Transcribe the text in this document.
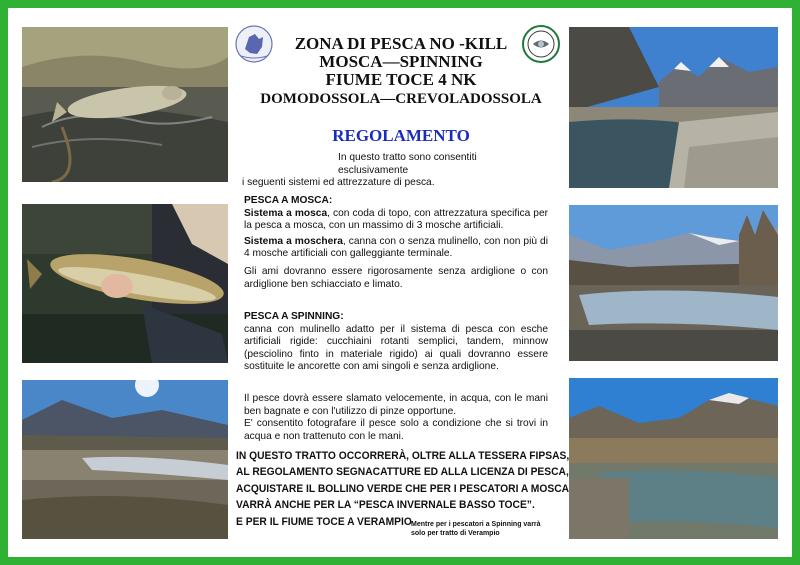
ZONA DI PESCA NO -KILL
MOSCA—SPINNING
FIUME TOCE 4 NK
DOMODOSSOLA—CREVOLADOSSOLA
REGOLAMENTO

In questo tratto sono consentiti esclusivamente

i seguenti sistemi ed attrezzature di pesca.

PESCA A MOSCA:

Sistema a mosca, con coda di topo, con attrezzatura specifica per la pesca a mosca, con un massimo di 3 mosche artificiali.

Sistema a moschera, canna con o senza mulinello, con non più di 4 mosche artificiali con galleggiante terminale.

Gli ami dovranno essere rigorosamente senza ardiglione o con ardiglione ben schiacciato e limato.

PESCA A SPINNING:

canna con mulinello adatto per il sistema di pesca con esche artificiali rigide: cucchiaini rotanti semplici, tandem, minnow (pesciolino finto in materiale rigido) ai quali dovranno essere sostituite le ancorette con ami singoli e senza ardiglione.

Il pesce dovrà essere slamato velocemente, in acqua, con le mani ben bagnate e con l'utilizzo di pinze opportune.

E' consentito fotografare il pesce solo a condizione che si trovi in acqua e non trattenuto con le mani.

IN QUESTO TRATTO OCCORRERÀ, OLTRE ALLA TESSERA FIPSAS,
AL REGOLAMENTO SEGNACATTURE ED ALLA LICENZA DI PESCA,
ACQUISTARE IL BOLLINO VERDE CHE PER I PESCATORI A MOSCA
VARRÀ ANCHE PER LA “PESCA INVERNALE BASSO TOCE”.
E PER IL FIUME TOCE A VERAMPIO Mentre per i pescatori a Spinning varrà
solo per tratto di Verampio
